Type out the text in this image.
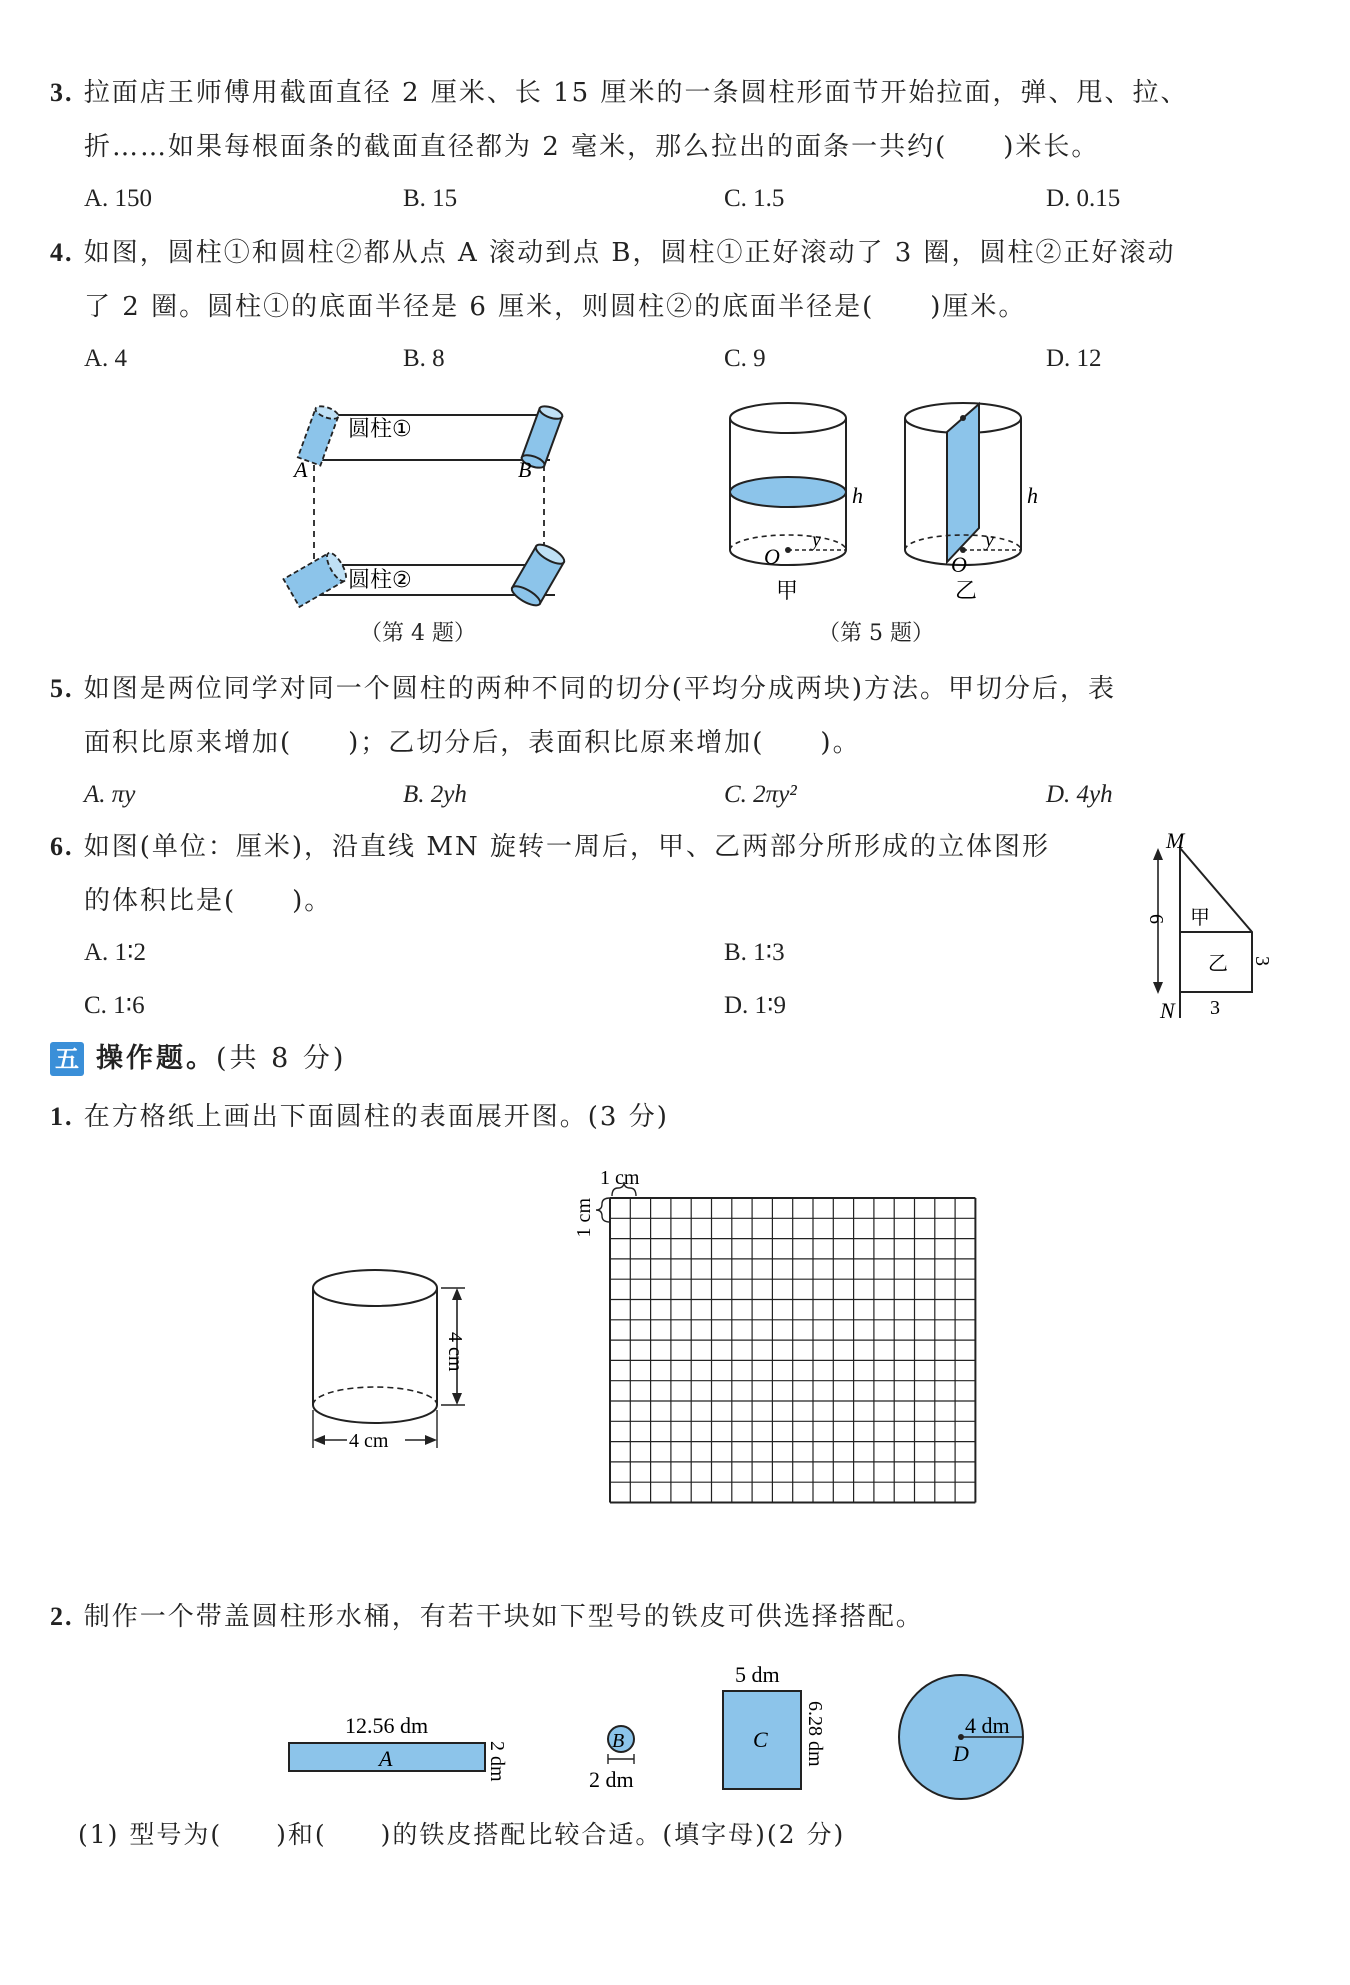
3. 拉面店王师傅用截面直径 2 厘米、长 15 厘米的一条圆柱形面节开始拉面，弹、甩、拉、
折……如果每根面条的截面直径都为 2 毫米，那么拉出的面条一共约(　　)米长。
A. 150	B. 15	C. 1.5	D. 0.15
4. 如图，圆柱①和圆柱②都从点 A 滚动到点 B，圆柱①正好滚动了 3 圈，圆柱②正好滚动
了 2 圈。圆柱①的底面半径是 6 厘米，则圆柱②的底面半径是(　　)厘米。
A. 4	B. 8	C. 9	D. 12
圆柱①
圆柱②
A	B
（第 4 题）
O
y
h
甲
O
y
h
乙
（第 5 题）
5. 如图是两位同学对同一个圆柱的两种不同的切分(平均分成两块)方法。甲切分后，表
面积比原来增加(　　)；乙切分后，表面积比原来增加(　　)。
A. πy	B. 2yh	C. 2πy²	D. 4yh
6. 如图(单位：厘米)，沿直线 MN 旋转一周后，甲、乙两部分所形成的立体图形
的体积比是(　　)。
A. 1∶2	B. 1∶3
C. 1∶6	D. 1∶9
M
N
甲
乙
6
3
3
五 操作题。(共 8 分)
1. 在方格纸上画出下面圆柱的表面展开图。(3 分)
4 cm
4 cm
1 cm
1 cm
2. 制作一个带盖圆柱形水桶，有若干块如下型号的铁皮可供选择搭配。
12.56 dm
A	2 dm	B
2 dm
5 dm
C 6.28 dm	4 dm
D
(1) 型号为(　　)和(　　)的铁皮搭配比较合适。(填字母)(2 分)
